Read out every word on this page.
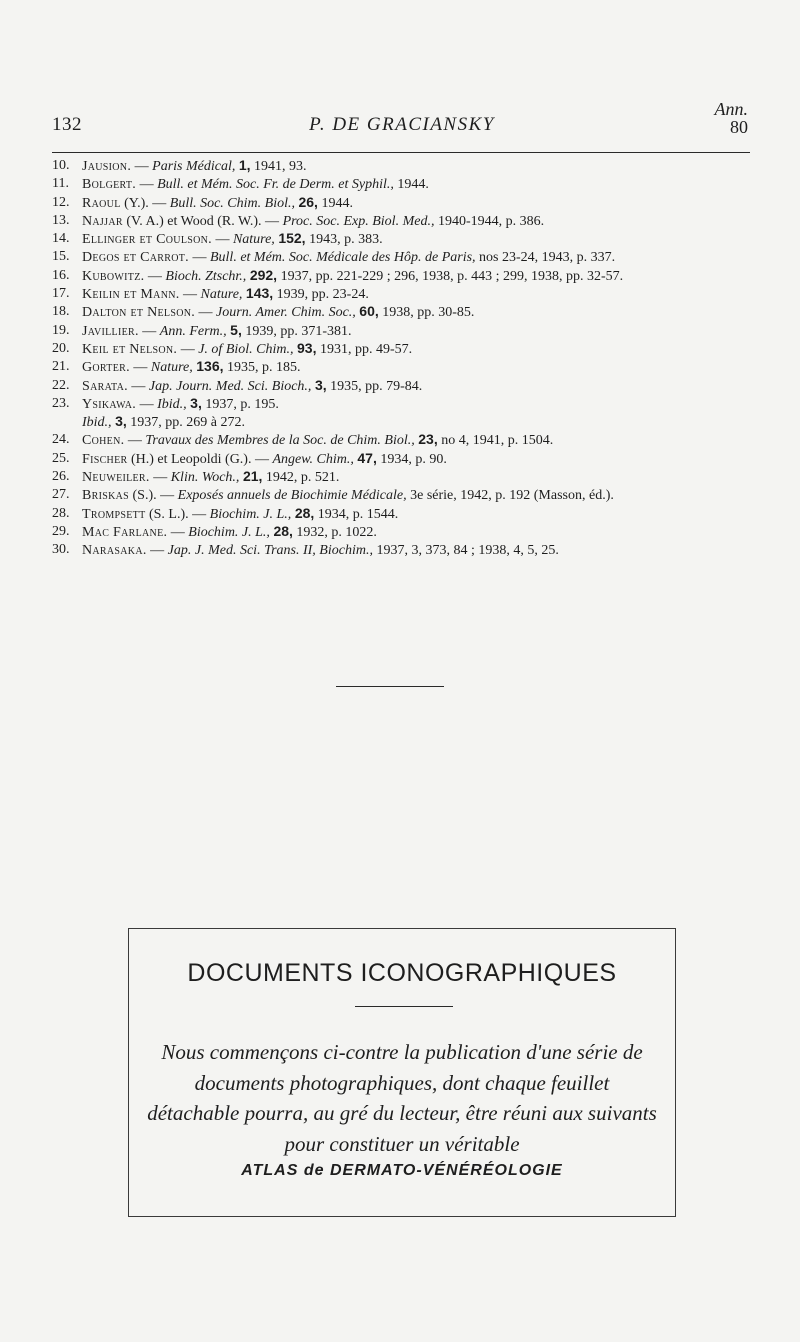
132	P. DE GRACIANSKY
Ann.
80
10. Jausion. — Paris Médical, 1, 1941, 93.
11. Bolgert. — Bull. et Mém. Soc. Fr. de Derm. et Syphil., 1944.
12. Raoul (Y.). — Bull. Soc. Chim. Biol., 26, 1944.
13. Najjar (V. A.) et Wood (R. W.). — Proc. Soc. Exp. Biol. Med., 1940-1944, p. 386.
14. Ellinger et Coulson. — Nature, 152, 1943, p. 383.
15. Degos et Carrot. — Bull. et Mém. Soc. Médicale des Hôp. de Paris, nos 23-24, 1943, p. 337.
16. Kubowitz. — Bioch. Ztschr., 292, 1937, pp. 221-229 ; 296, 1938, p. 443 ; 299, 1938, pp. 32-57.
17. Keilin et Mann. — Nature, 143, 1939, pp. 23-24.
18. Dalton et Nelson. — Journ. Amer. Chim. Soc., 60, 1938, pp. 30-85.
19. Javillier. — Ann. Ferm., 5, 1939, pp. 371-381.
20. Keil et Nelson. — J. of Biol. Chim., 93, 1931, pp. 49-57.
21. Gorter. — Nature, 136, 1935, p. 185.
22. Sarata. — Jap. Journ. Med. Sci. Bioch., 3, 1935, pp. 79-84.
23. Ysikawa. — Ibid., 3, 1937, p. 195.
Ibid., 3, 1937, pp. 269 à 272.
24. Cohen. — Travaux des Membres de la Soc. de Chim. Biol., 23, no 4, 1941, p. 1504.
25. Fischer (H.) et Leopoldi (G.). — Angew. Chim., 47, 1934, p. 90.
26. Neuweiler. — Klin. Woch., 21, 1942, p. 521.
27. Briskas (S.). — Exposés annuels de Biochimie Médicale, 3e série, 1942, p. 192 (Masson, éd.).
28. Trompsett (S. L.). — Biochim. J. L., 28, 1934, p. 1544.
29. Mac Farlane. — Biochim. J. L., 28, 1932, p. 1022.
30. Narasaka. — Jap. J. Med. Sci. Trans. II, Biochim., 1937, 3, 373, 84 ; 1938, 4, 5, 25.
DOCUMENTS ICONOGRAPHIQUES
Nous commençons ci-contre la publication d'une série de documents photographiques, dont chaque feuillet détachable pourra, au gré du lecteur, être réuni aux suivants pour constituer un véritable
ATLAS de DERMATO-VÉNÉRÉOLOGIE
